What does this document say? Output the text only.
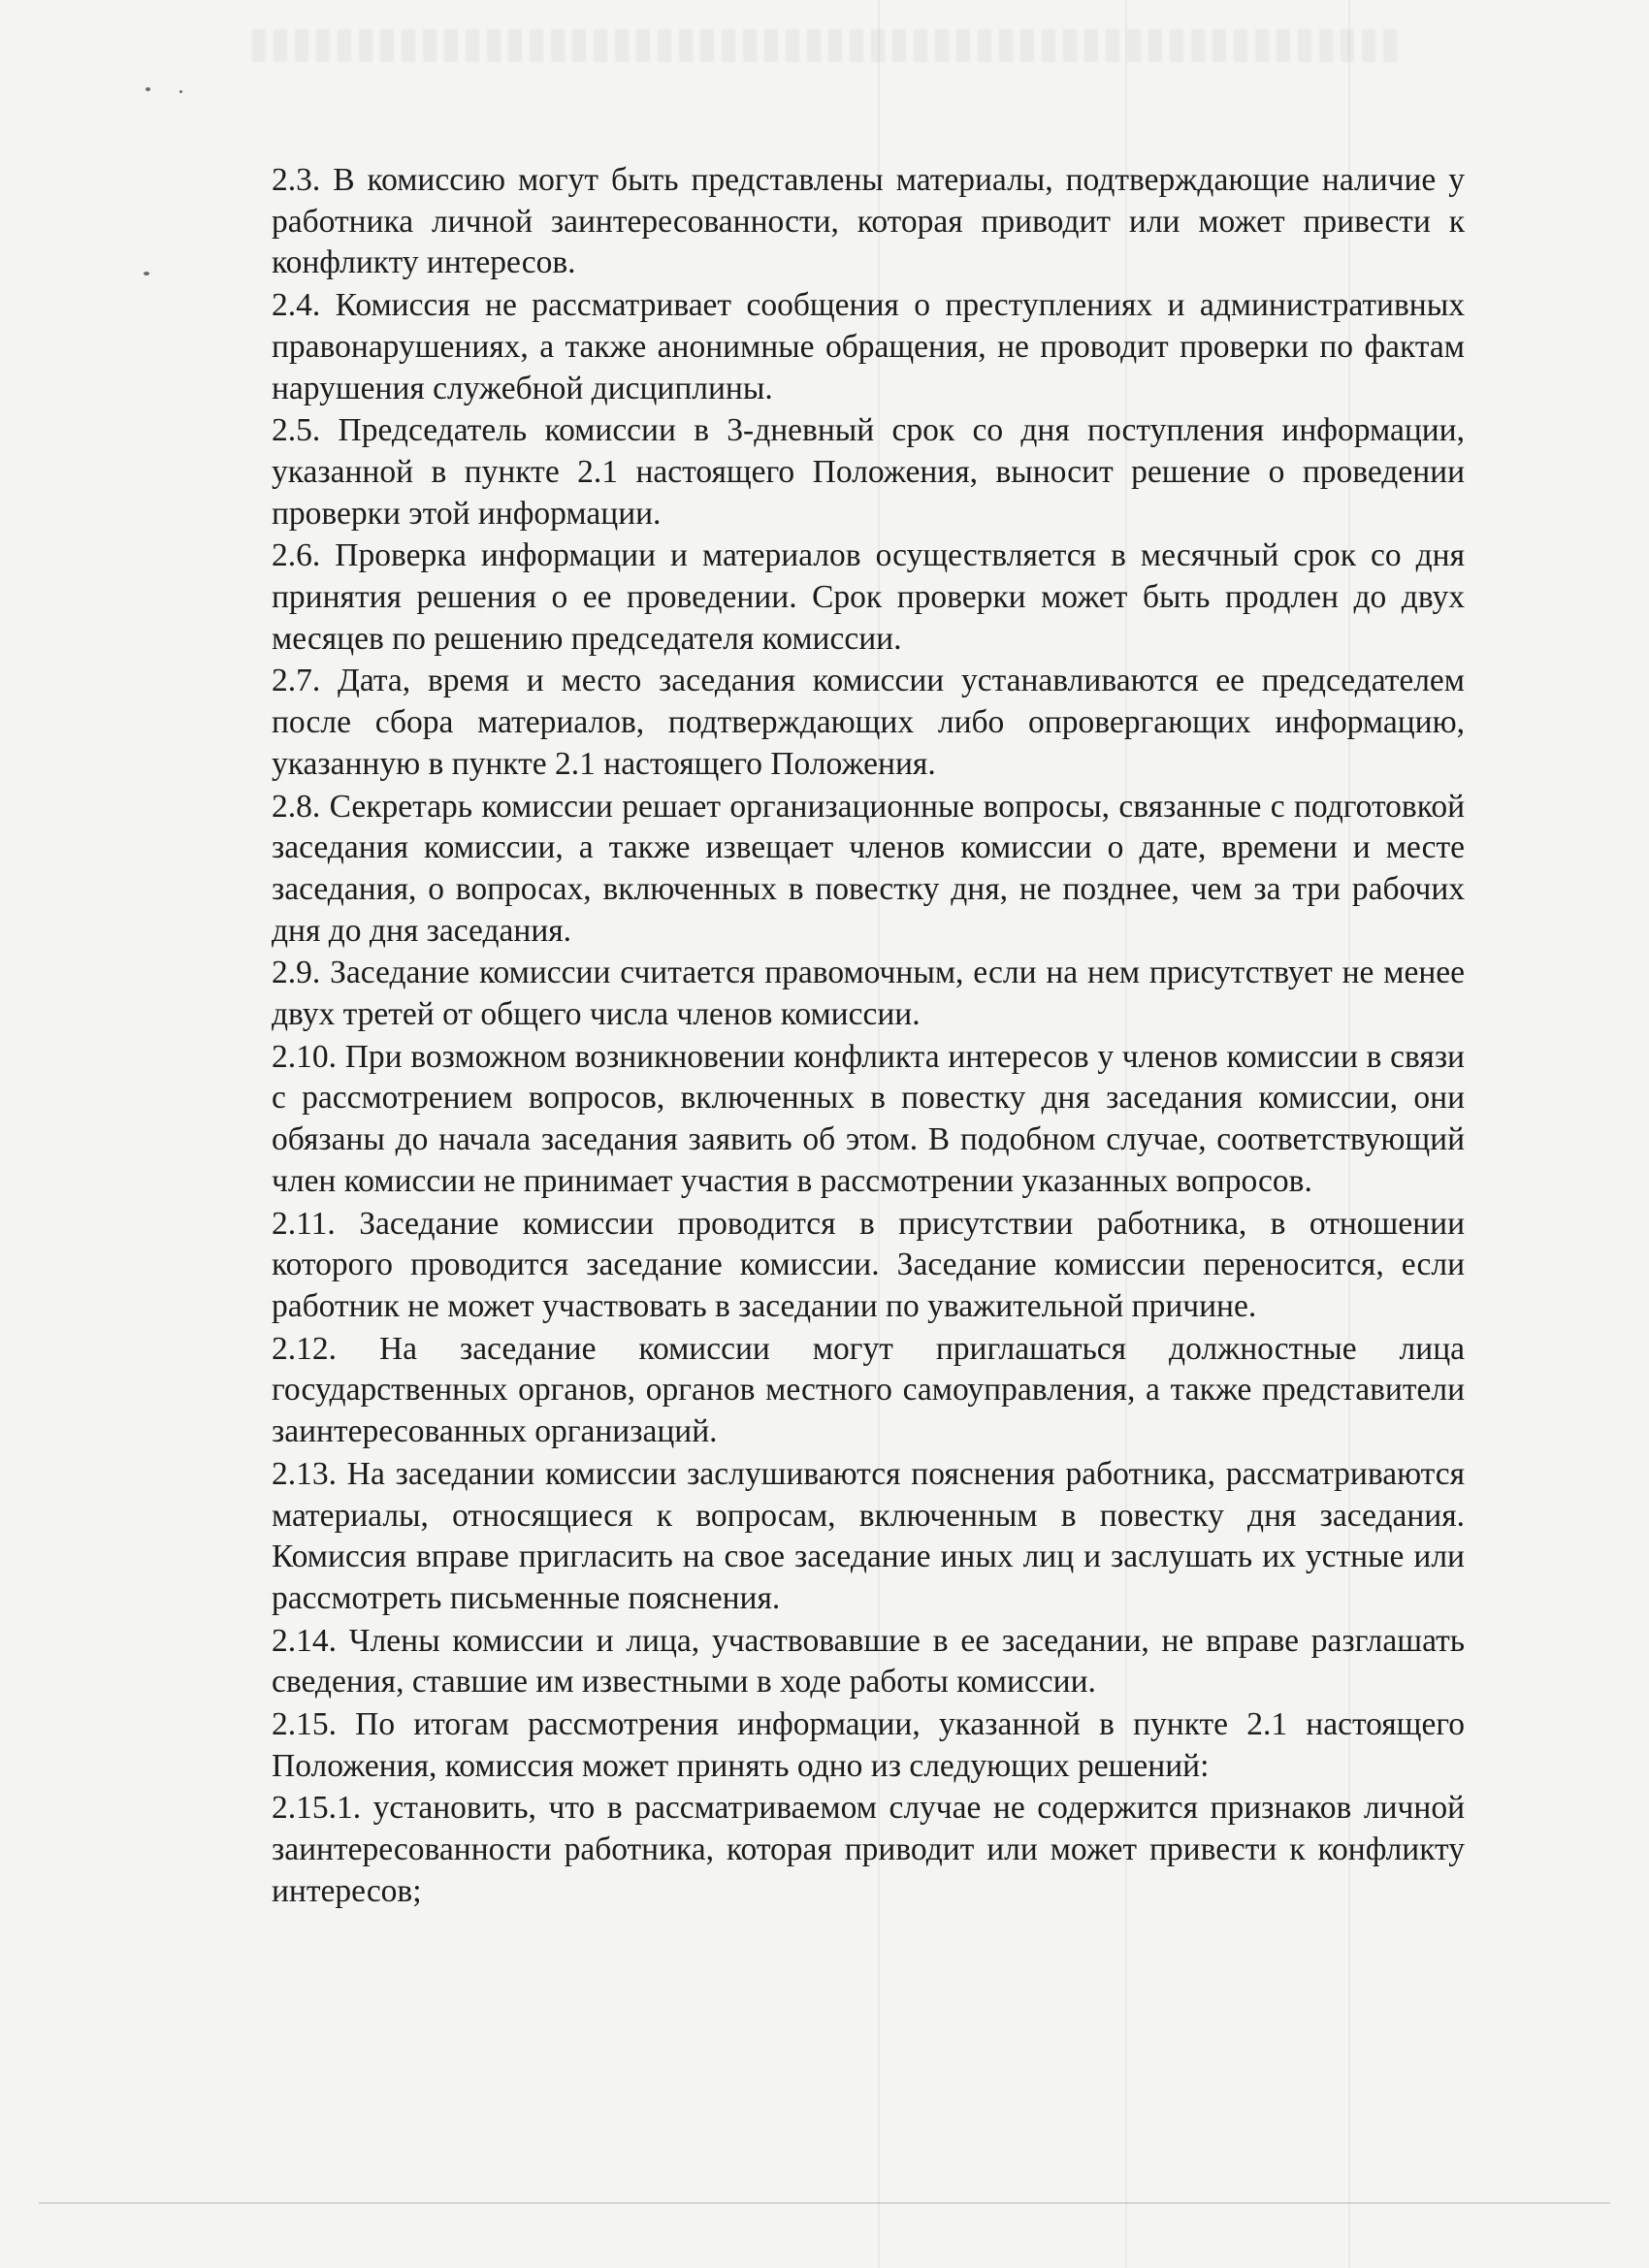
2.3. В комиссию могут быть представлены материалы, подтверждающие наличие у работника личной заинтересованности, которая приводит или может привести к конфликту интересов.

2.4. Комиссия не рассматривает сообщения о преступлениях и административных правонарушениях, а также анонимные обращения, не проводит проверки по фактам нарушения служебной дисциплины.

2.5. Председатель комиссии в 3-дневный срок со дня поступления информации, указанной в пункте 2.1 настоящего Положения, выносит решение о проведении проверки этой информации.

2.6. Проверка информации и материалов осуществляется в месячный срок со дня принятия решения о ее проведении. Срок проверки может быть продлен до двух месяцев по решению председателя комиссии.

2.7. Дата, время и место заседания комиссии устанавливаются ее председателем после сбора материалов, подтверждающих либо опровергающих информацию, указанную в пункте 2.1 настоящего Положения.

2.8. Секретарь комиссии решает организационные вопросы, связанные с подготовкой заседания комиссии, а также извещает членов комиссии о дате, времени и месте заседания, о вопросах, включенных в повестку дня, не позднее, чем за три рабочих дня до дня заседания.

2.9. Заседание комиссии считается правомочным, если на нем присутствует не менее двух третей от общего числа членов комиссии.

2.10. При возможном возникновении конфликта интересов у членов комиссии в связи с рассмотрением вопросов, включенных в повестку дня заседания комиссии, они обязаны до начала заседания заявить об этом. В подобном случае, соответствующий член комиссии не принимает участия в рассмотрении указанных вопросов.

2.11. Заседание комиссии проводится в присутствии работника, в отношении которого проводится заседание комиссии. Заседание комиссии переносится, если работник не может участвовать в заседании по уважительной причине.

2.12. На заседание комиссии могут приглашаться должностные лица государственных органов, органов местного самоуправления, а также представители заинтересованных организаций.

2.13. На заседании комиссии заслушиваются пояснения работника, рассматриваются материалы, относящиеся к вопросам, включенным в повестку дня заседания. Комиссия вправе пригласить на свое заседание иных лиц и заслушать их устные или рассмотреть письменные пояснения.

2.14. Члены комиссии и лица, участвовавшие в ее заседании, не вправе разглашать сведения, ставшие им известными в ходе работы комиссии.

2.15. По итогам рассмотрения информации, указанной в пункте 2.1 настоящего Положения, комиссия может принять одно из следующих решений:

2.15.1. установить, что в рассматриваемом случае не содержится признаков личной заинтересованности работника, которая приводит или может привести к конфликту интересов;
